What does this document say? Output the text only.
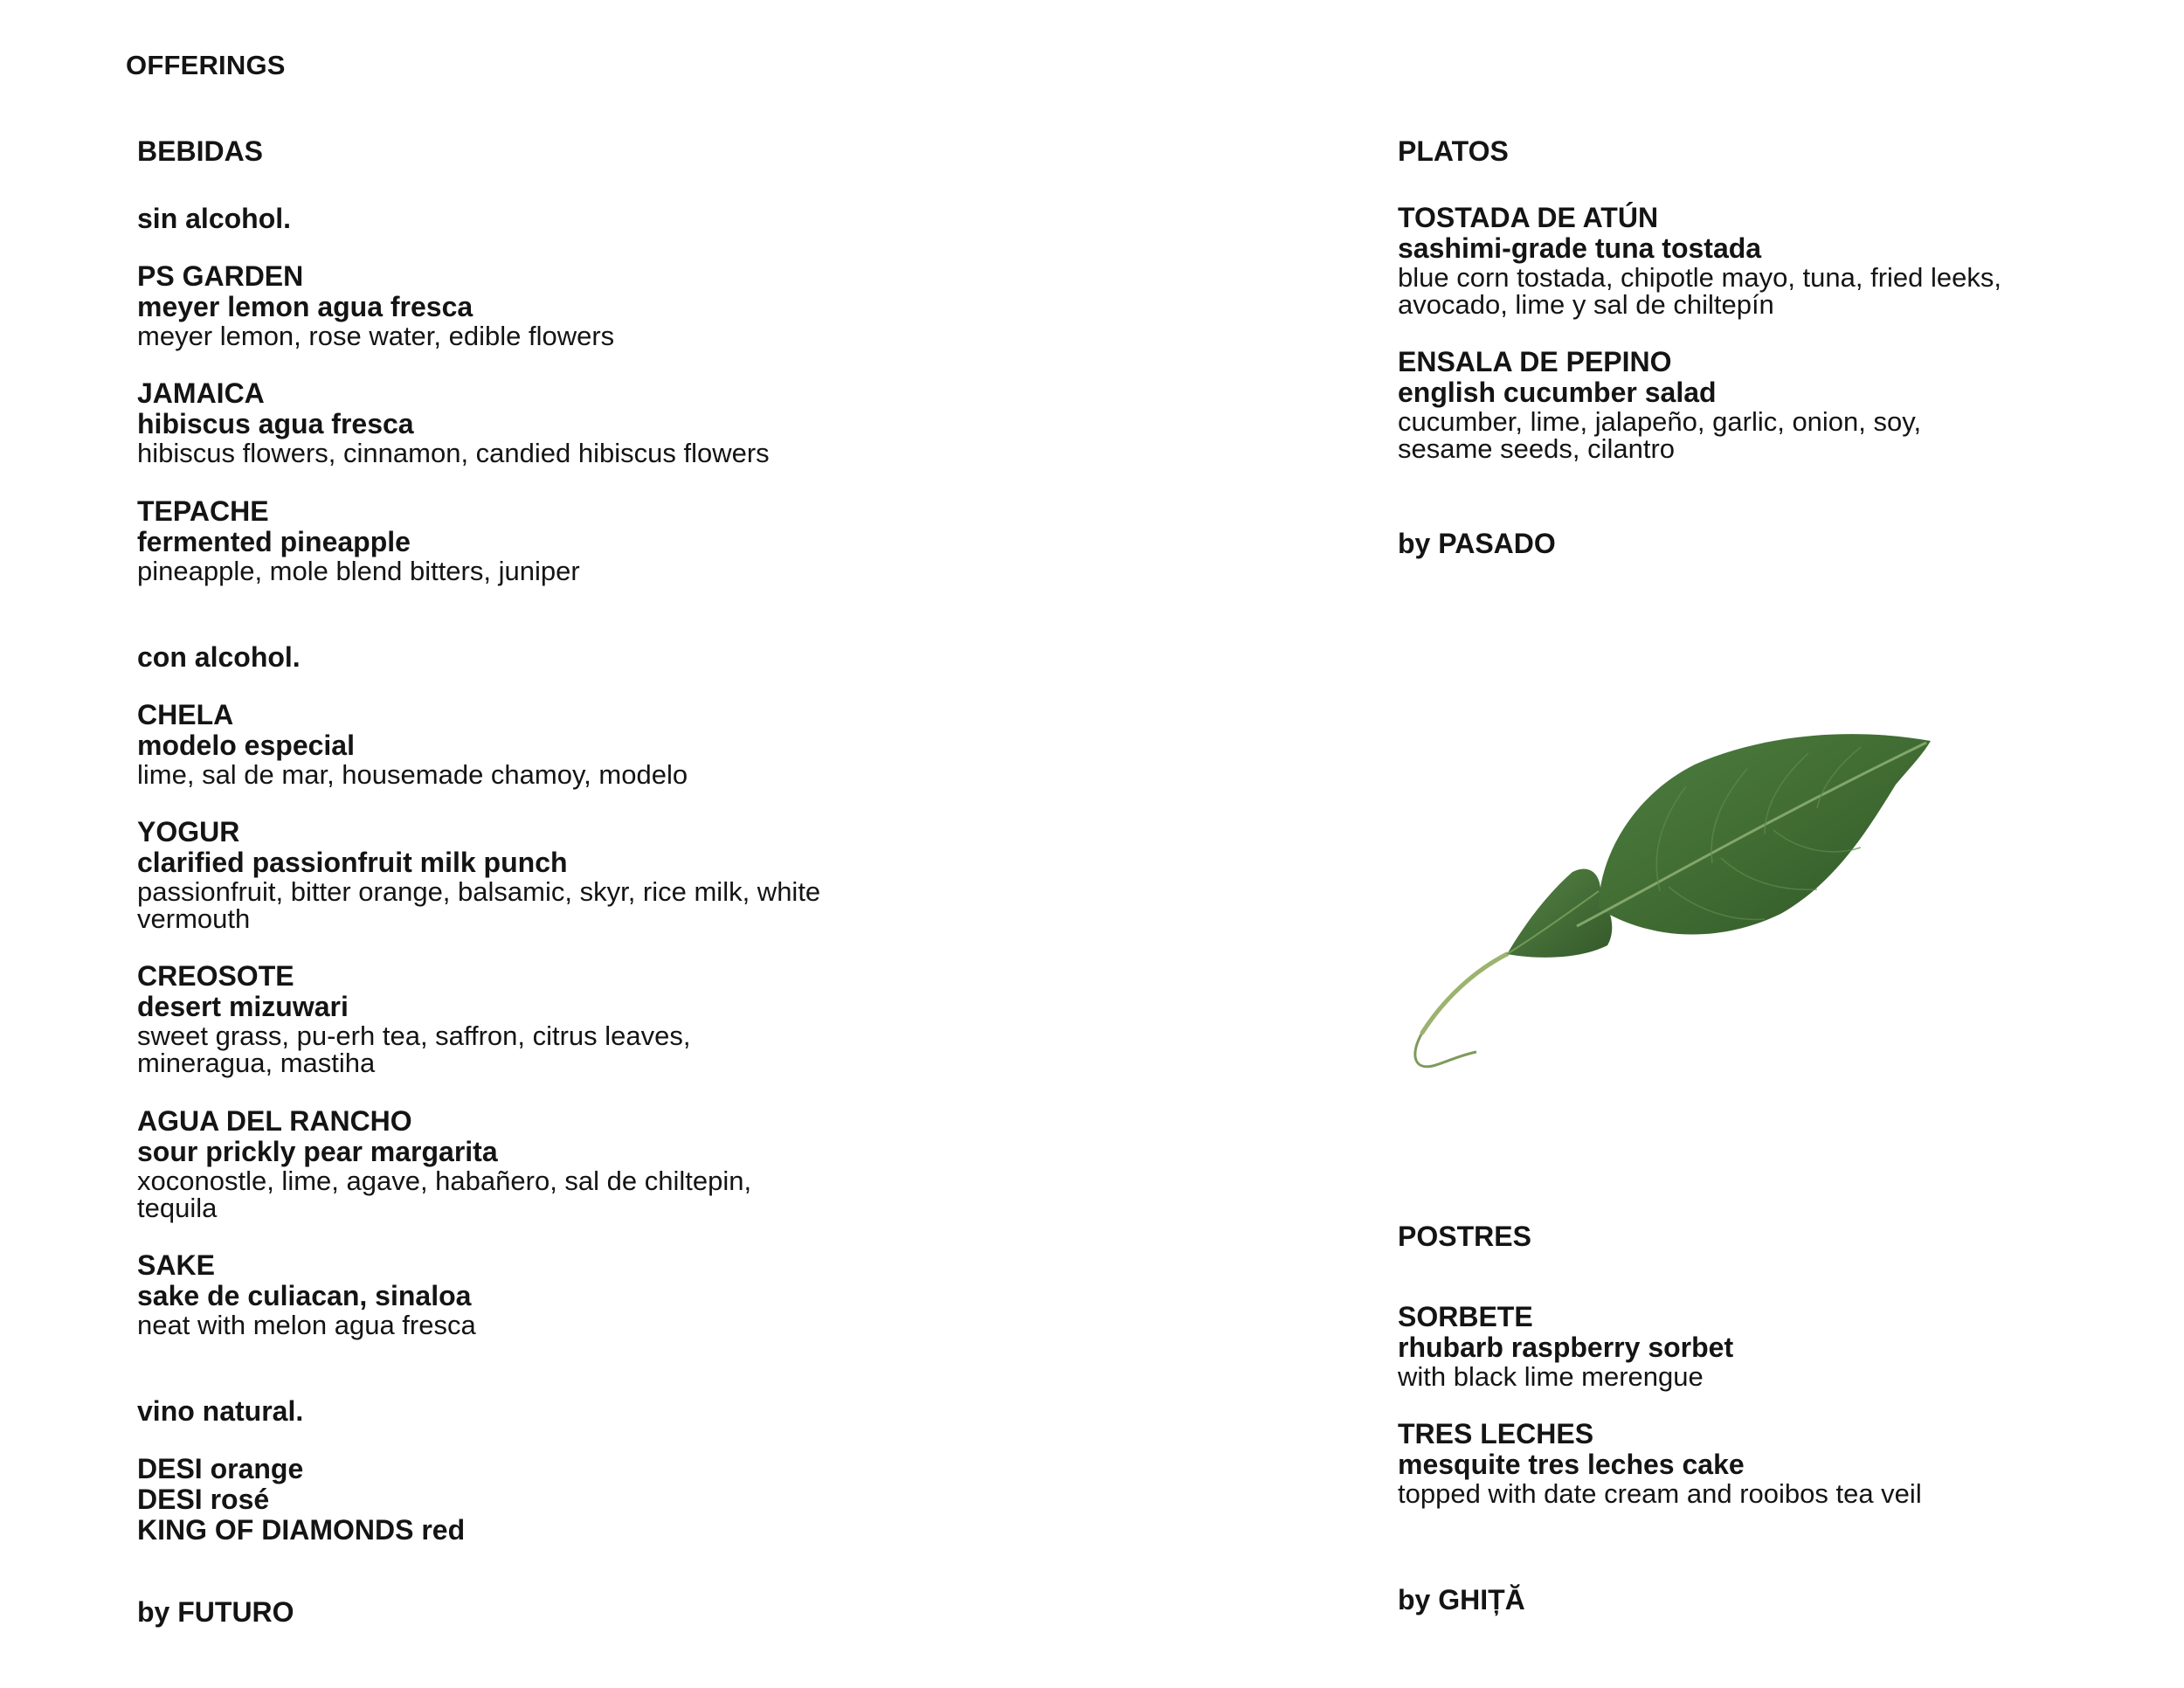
OFFERINGS
BEBIDAS
sin alcohol.
PS GARDEN
meyer lemon agua fresca
meyer lemon, rose water, edible flowers
JAMAICA
hibiscus agua fresca
hibiscus flowers, cinnamon, candied hibiscus flowers
TEPACHE
fermented pineapple
pineapple, mole blend bitters, juniper
con alcohol.
CHELA
modelo especial
lime, sal de mar, housemade chamoy, modelo
YOGUR
clarified passionfruit milk punch
passionfruit, bitter orange, balsamic, skyr, rice milk, white vermouth
CREOSOTE
desert mizuwari
sweet grass, pu-erh tea, saffron, citrus leaves, mineragua, mastiha
AGUA DEL RANCHO
sour prickly pear margarita
xoconostle, lime, agave, habañero, sal de chiltepin, tequila
SAKE
sake de culiacan, sinaloa
neat with melon agua fresca
vino natural.
DESI orange
DESI rosé
KING OF DIAMONDS red
by FUTURO
PLATOS
TOSTADA DE ATÚN
sashimi-grade tuna tostada
blue corn tostada, chipotle mayo, tuna, fried leeks, avocado, lime y sal de chiltepín
ENSALA DE PEPINO
english cucumber salad
cucumber, lime, jalapeño, garlic, onion, soy, sesame seeds, cilantro
by PASADO
POSTRES
SORBETE
rhubarb raspberry sorbet
with black lime merengue
TRES LECHES
mesquite tres leches cake
topped with date cream and rooibos tea veil
by GHIȚĂ
